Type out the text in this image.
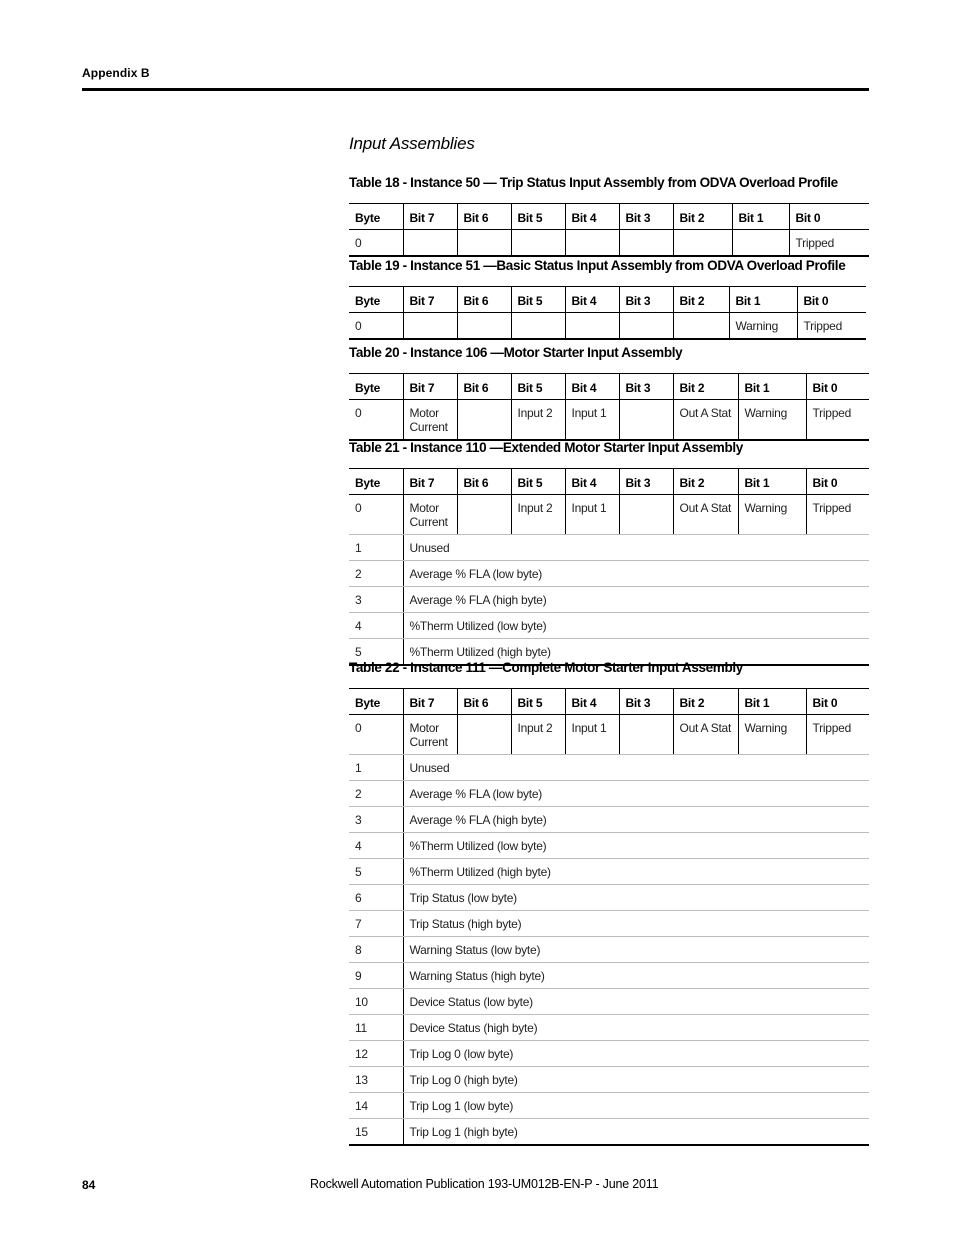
Appendix B
Input Assemblies
Table 18 - Instance 50 — Trip Status Input Assembly from ODVA Overload Profile
Byte	Bit 7	Bit 6	Bit 5	Bit 4	Bit 3	Bit 2	Bit 1	Bit 0
0								Tripped
Table 19 - Instance 51 —Basic Status Input Assembly from ODVA Overload Profile
Byte	Bit 7	Bit 6	Bit 5	Bit 4	Bit 3	Bit 2	Bit 1	Bit 0
0							Warning	Tripped
Table 20 - Instance 106 —Motor Starter Input Assembly
Byte	Bit 7	Bit 6	Bit 5	Bit 4	Bit 3	Bit 2	Bit 1	Bit 0
0	Motor Current		Input 2	Input 1		Out A Stat	Warning	Tripped
Table 21 - Instance 110 —Extended Motor Starter Input Assembly
Byte	Bit 7	Bit 6	Bit 5	Bit 4	Bit 3	Bit 2	Bit 1	Bit 0
0	Motor Current		Input 2	Input 1		Out A Stat	Warning	Tripped
1	Unused							
2	Average % FLA (low byte)							
3	Average % FLA (high byte)							
4	%Therm Utilized (low byte)							
5	%Therm Utilized (high byte)							
Table 22 - Instance 111 —Complete Motor Starter Input Assembly
Byte	Bit 7	Bit 6	Bit 5	Bit 4	Bit 3	Bit 2	Bit 1	Bit 0
0	Motor Current		Input 2	Input 1		Out A Stat	Warning	Tripped
1	Unused							
2	Average % FLA (low byte)							
3	Average % FLA (high byte)							
4	%Therm Utilized (low byte)							
5	%Therm Utilized (high byte)							
6	Trip Status (low byte)							
7	Trip Status (high byte)							
8	Warning Status (low byte)							
9	Warning Status (high byte)							
10	Device Status (low byte)							
11	Device Status (high byte)							
12	Trip Log 0 (low byte)							
13	Trip Log 0 (high byte)							
14	Trip Log 1 (low byte)							
15	Trip Log 1 (high byte)							
84	Rockwell Automation Publication 193-UM012B-EN-P - June 2011
